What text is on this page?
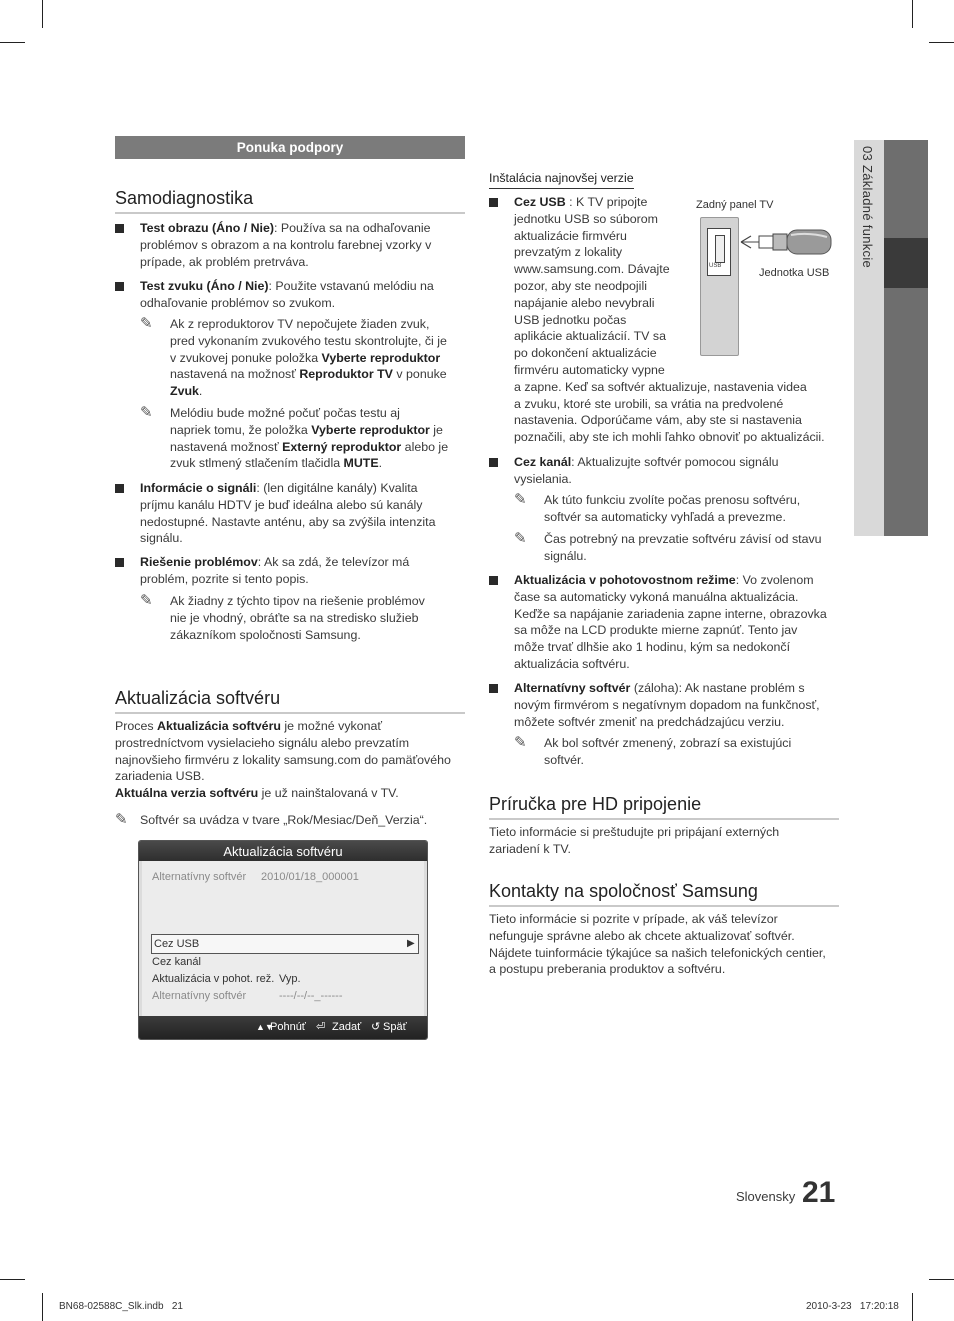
03 Základné funkcie
Ponuka podpory
Samodiagnostika

Test obrazu (Áno / Nie): Používa sa na odhaľovanie

problémov s obrazom a na kontrolu farebnej vzorky v

prípade, ak problém pretrváva.

Test zvuku (Áno / Nie): Použite vstavanú melódiu na

odhaľovanie problémov so zvukom.

✎ Ak z reproduktorov TV nepočujete žiaden zvuk,

pred vykonaním zvukového testu skontrolujte, či je

v zvukovej ponuke položka Vyberte reproduktor

nastavená na možnosť Reproduktor TV v ponuke

Zvuk.

✎ Melódiu bude možné počuť počas testu aj

napriek tomu, že položka Vyberte reproduktor je

nastavená možnosť Externý reproduktor alebo je

zvuk stlmený stlačením tlačidla MUTE.

Informácie o signáli: (len digitálne kanály) Kvalita

príjmu kanálu HDTV je buď ideálna alebo sú kanály

nedostupné. Nastavte anténu, aby sa zvýšila intenzita

signálu.

Riešenie problémov: Ak sa zdá, že televízor má

problém, pozrite si tento popis.

✎ Ak žiadny z týchto tipov na riešenie problémov

nie je vhodný, obráťte sa na stredisko služieb

zákazníkom spoločnosti Samsung.

Aktualizácia softvéru

Proces Aktualizácia softvéru je možné vykonať

prostredníctvom vysielacieho signálu alebo prevzatím

najnovšieho firmvéru z lokality samsung.com do pamäťového

zariadenia USB.

Aktuálna verzia softvéru je už nainštalovaná v TV.

✎ Softvér sa uvádza v tvare „Rok/Mesiac/Deň_Verzia“.

Aktualizácia softvéru
Alternatívny softvér 2010/01/18_000001
Cez USB	▶
Cez kanál
Aktualizácia v pohot. rež. Vyp.
Alternatívny softvér	----/--/--_------
▲▼
Pohnúť ⏎ Zadať ↺ Späť
Inštalácia najnovšej verzie

Cez USB : K TV pripojte

jednotku USB so súborom

aktualizácie firmvéru

prevzatým z lokality

www.samsung.com. Dávajte

pozor, aby ste neodpojili

napájanie alebo nevybrali

USB jednotku počas

aplikácie aktualizácií. TV sa

po dokončení aktualizácie

firmvéru automaticky vypne

a zapne. Keď sa softvér aktualizuje, nastavenia videa

a zvuku, ktoré ste urobili, sa vrátia na predvolené

nastavenia. Odporúčame vám, aby ste si nastavenia

poznačili, aby ste ich mohli ľahko obnoviť po aktualizácii.

Zadný panel TV
USB
Jednotka USB

Cez kanál: Aktualizujte softvér pomocou signálu

vysielania.

✎ Ak túto funkciu zvolíte počas prenosu softvéru,

softvér sa automaticky vyhľadá a prevezme.

✎ Čas potrebný na prevzatie softvéru závisí od stavu

signálu.

Aktualizácia v pohotovostnom režime: Vo zvolenom

čase sa automaticky vykoná manuálna aktualizácia.

Keďže sa napájanie zariadenia zapne interne, obrazovka

sa môže na LCD produkte mierne zapnúť. Tento jav

môže trvať dlhšie ako 1 hodinu, kým sa nedokončí

aktualizácia softvéru.

Alternatívny softvér (záloha): Ak nastane problém s

novým firmvérom s negatívnym dopadom na funkčnosť,

môžete softvér zmeniť na predchádzajúcu verziu.

✎ Ak bol softvér zmenený, zobrazí sa existujúci

softvér.

Príručka pre HD pripojenie

Tieto informácie si preštudujte pri pripájaní externých

zariadení k TV.

Kontakty na spoločnosť Samsung

Tieto informácie si pozrite v prípade, ak váš televízor

nefunguje správne alebo ak chcete aktualizovať softvér.

Nájdete tuinformácie týkajúce sa našich telefonických centier,

a postupu preberania produktov a softvéru.

Slovensky 21
BN68-02588C_Slk.indb   21	2010-3-23   17:20:18
